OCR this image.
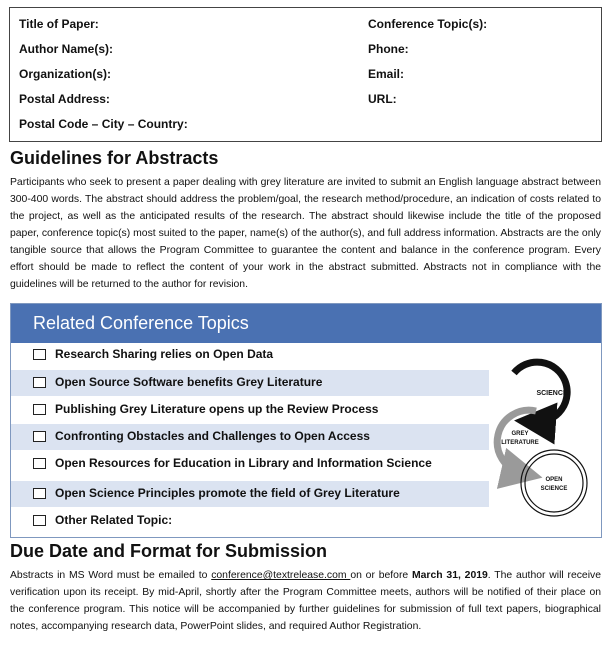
Title of Paper:
Author Name(s):
Organization(s):
Postal Address:
Postal Code – City – Country:
Conference Topic(s):
Phone:
Email:
URL:
Guidelines for Abstracts

Participants who seek to present a paper dealing with grey literature are invited to submit an English language abstract between 300-400 words. The abstract should address the problem/goal, the research method/procedure, an indication of costs related to the project, as well as the anticipated results of the research. The abstract should likewise include the title of the proposed paper, conference topic(s) most suited to the paper, name(s) of the author(s), and full address information. Abstracts are the only tangible source that allows the Program Committee to guarantee the content and balance in the conference program. Every effort should be made to reflect the content of your work in the abstract submitted. Abstracts not in compliance with the guidelines will be returned to the author for revision.

Related Conference Topics
Research Sharing relies on Open Data
Open Source Software benefits Grey Literature
Publishing Grey Literature opens up the Review Process
Confronting Obstacles and Challenges to Open Access
Open Resources for Education in Library and Information Science
Open Science Principles promote the field of Grey Literature
Other Related Topic:
SCIENCE
GREY
LITERATURE
OPEN
SCIENCE
Due Date and Format for Submission

Abstracts in MS Word must be emailed to conference@textrelease.com on or before March 31, 2019. The author will receive verification upon its receipt. By mid-April, shortly after the Program Committee meets, authors will be notified of their place on the conference program. This notice will be accompanied by further guidelines for submission of full text papers, biographical notes, accompanying research data, PowerPoint slides, and required Author Registration.
